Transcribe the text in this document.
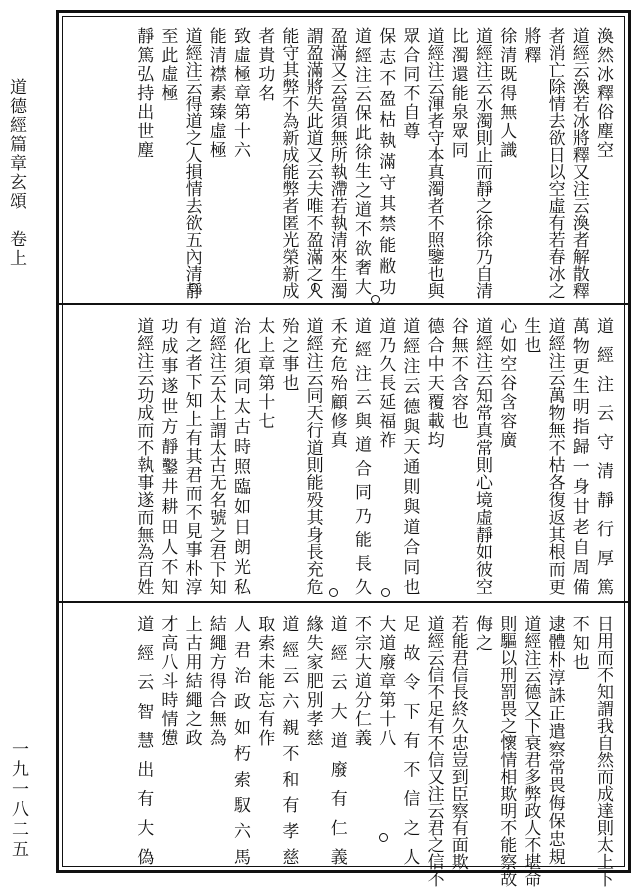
道德經篇章玄頌　卷上
一九一八二五
渙然冰釋俗塵空
道經云渙若冰將釋又注云渙者解散釋
者消亡除情去欲日以空虛有若春冰之
將釋
徐清既得無人識
道經注云水濁則止而靜之徐徐乃自清
比濁還能泉眾同
道經注云渾者守本真濁者不照鑒也與
眾合同不自尊
保志不盈枯執滿守其禁能敝功
道經注云保此徐生之道不欲奢大
盈滿又云當須無所執滯若執清來生濁
謂盈滿將失此道又云夫唯不盈滿之人
能守其弊不為新成能弊者匿光榮新成
者貴功名
致虛極章第十六
能清襟素臻虛極
道經注云得道之人損情去欲五內清靜
至此虛極
靜篤弘持出世塵
道經注云守清靜行厚篤
萬物更生明指歸一身甘老自周備
道經注云萬物無不枯各復返其根而更
生也
心如空谷含容廣
道經注云知常真常則心境虛靜如彼空
谷無不含容也
德合中天覆載均
道經注云德與天通則與道合同也
道乃久長延福祚
道經注云與道合同乃能長久
禾充危殆顧修真
道經注云同天行道則能殁其身長充危
殆之事也
太上章第十七
治化須同太古時照臨如日朗光私
道經注云太上謂太古无名號之君下知
有之者下知上有其君而不見事朴淳
功成事遂世方靜鑿井耕田人不知
道經注云功成而不執事遂而無為百姓
日用而不知謂我自然而成達則太上下
不知也
逮體朴淳誅正遣察常畏侮保忠規
道經注云德又下衰君多弊政人不堪命
則驅以刑罰畏之懷情相欺明不能察故
侮之
若能君信長終久忠豈到臣察有面欺
道經云信不足有不信又注云君之信不
足故令下有不信之人
大道廢章第十八
不宗大道分仁義
道經云大道廢有仁義
緣失家肥別孝慈
道經云六親不和有孝慈
取索未能忘有作
人君治政如朽索馭六馬
結繩方得合無為
上古用結繩之政
才高八斗時情憊
道經云智慧出有大偽
